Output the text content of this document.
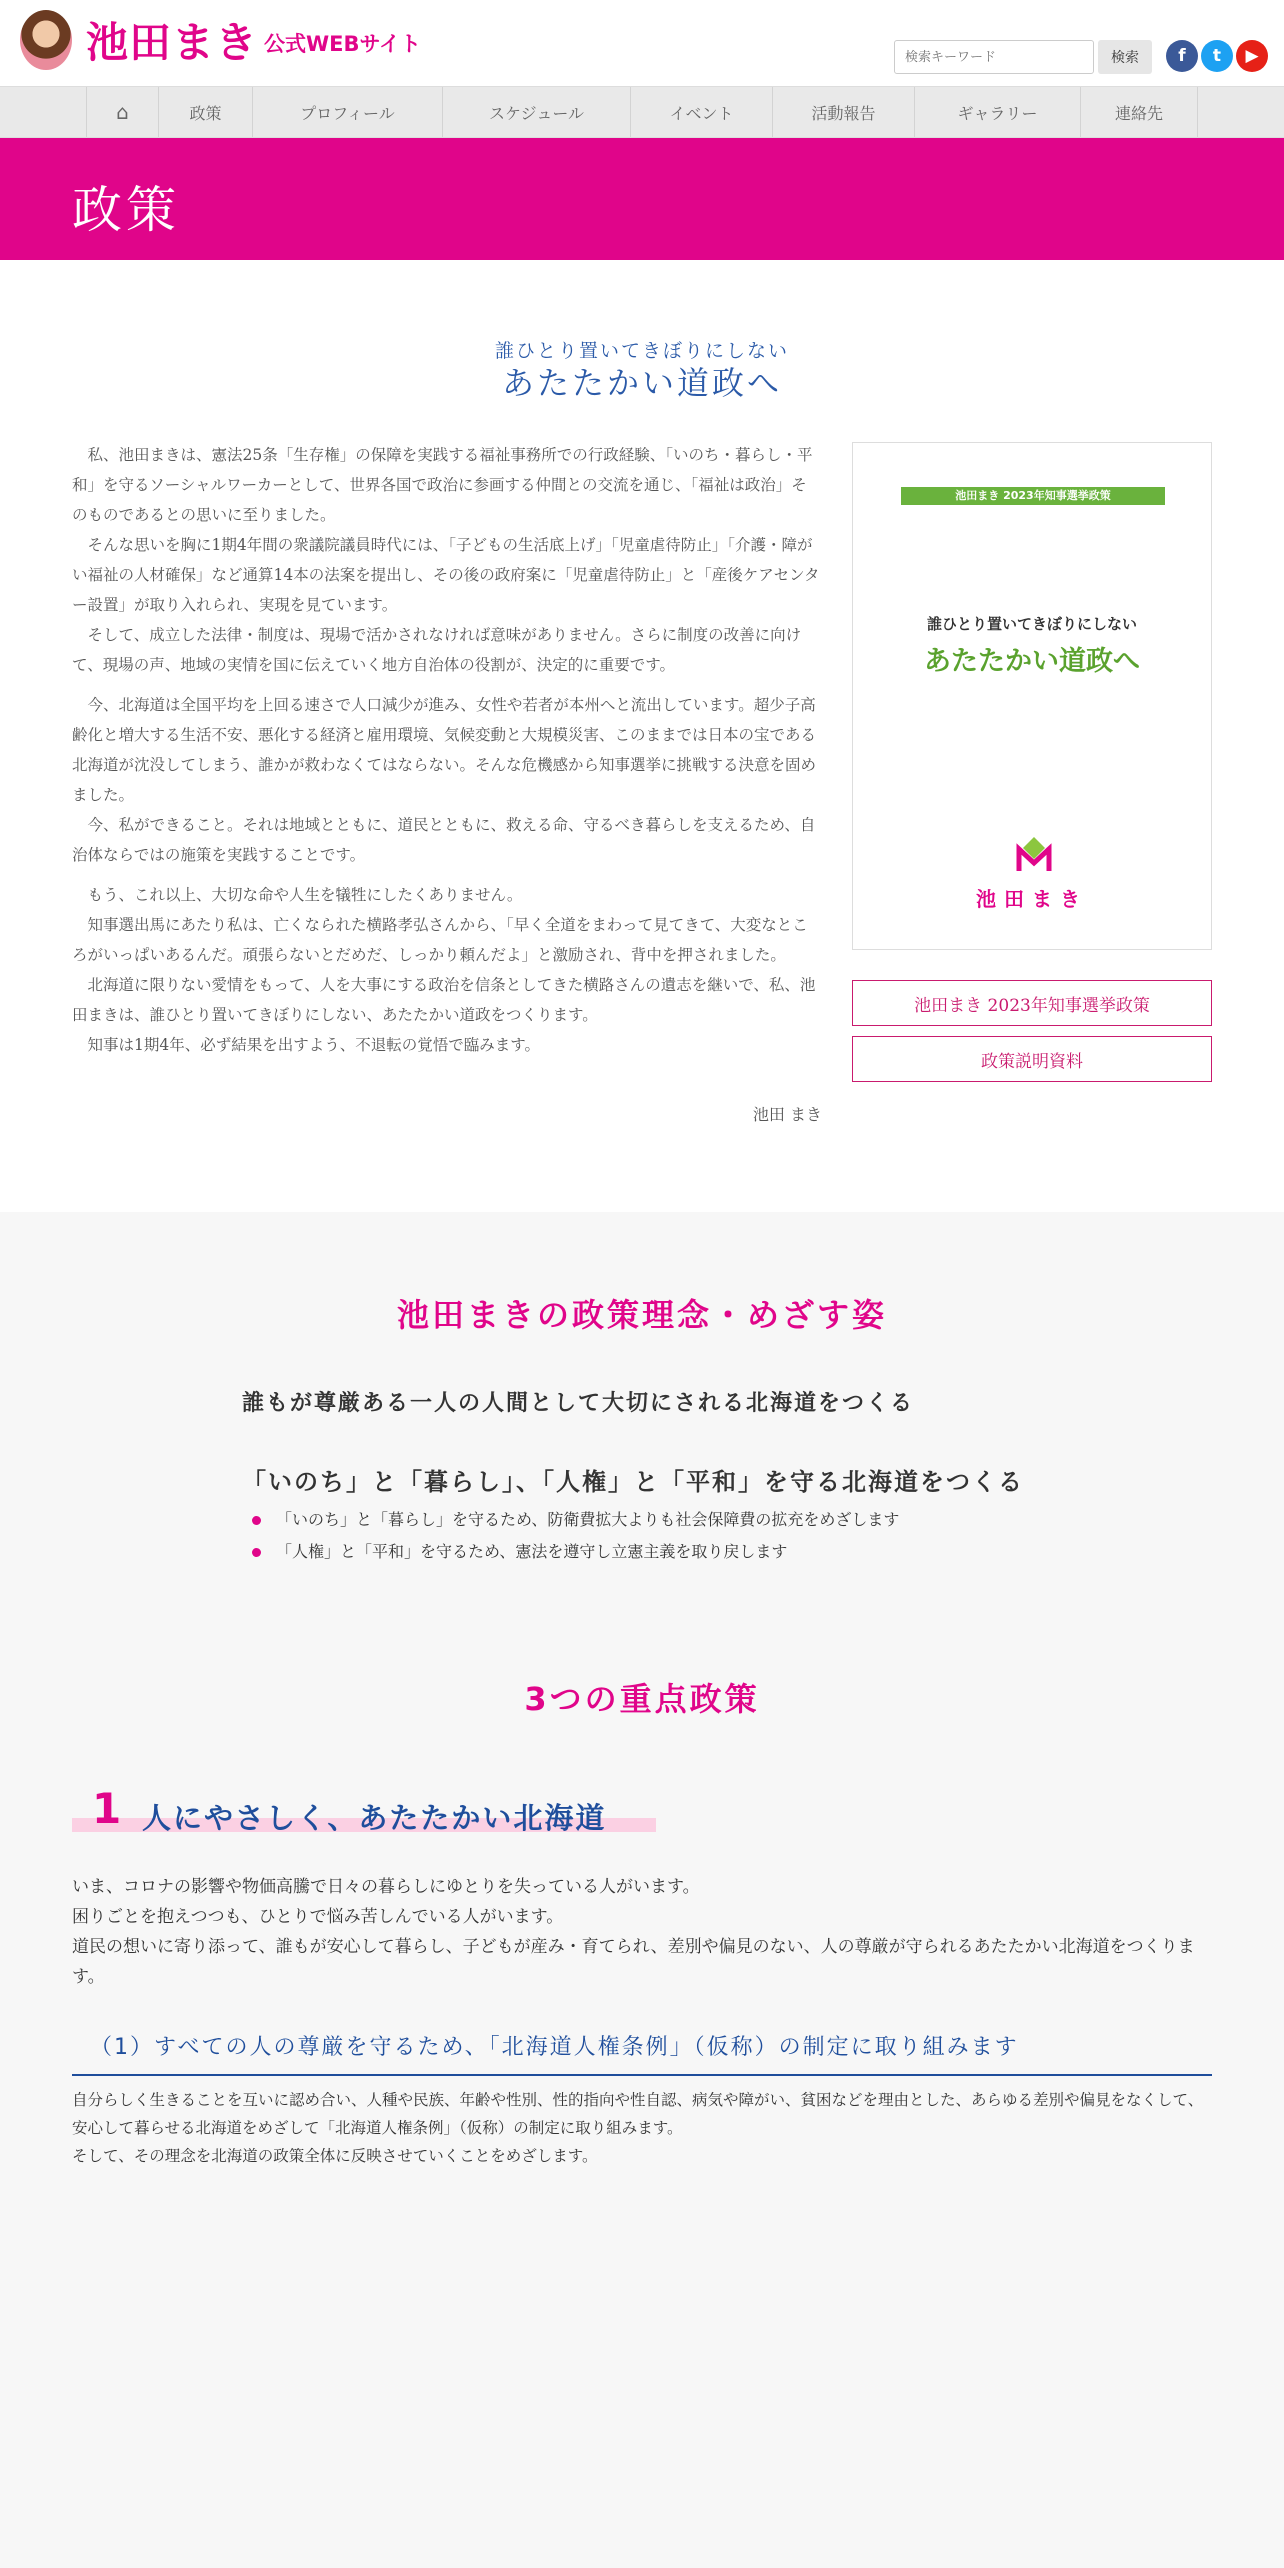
池田まき 公式WEBサイト
検索キーワード
検索	f	t	▶
⌂	政策	プロフィール	スケジュール	イベント	活動報告	ギャラリー	連絡先
政策
誰ひとり置いてきぼりにしない
あたたかい道政へ

私、池田まきは、憲法25条「生存権」の保障を実践する福祉事務所での行政経験、「いのち・暮らし・平和」を守るソーシャルワーカーとして、世界各国で政治に参画する仲間との交流を通じ、「福祉は政治」そのものであるとの思いに至りました。

そんな思いを胸に1期4年間の衆議院議員時代には、「子どもの生活底上げ」「児童虐待防止」「介護・障がい福祉の人材確保」など通算14本の法案を提出し、その後の政府案に「児童虐待防止」と「産後ケアセンター設置」が取り入れられ、実現を見ています。

そして、成立した法律・制度は、現場で活かされなければ意味がありません。さらに制度の改善に向けて、現場の声、地域の実情を国に伝えていく地方自治体の役割が、決定的に重要です。

今、北海道は全国平均を上回る速さで人口減少が進み、女性や若者が本州へと流出しています。超少子高齢化と増大する生活不安、悪化する経済と雇用環境、気候変動と大規模災害、このままでは日本の宝である北海道が沈没してしまう、誰かが救わなくてはならない。そんな危機感から知事選挙に挑戦する決意を固めました。

今、私ができること。それは地域とともに、道民とともに、救える命、守るべき暮らしを支えるため、自治体ならではの施策を実践することです。

もう、これ以上、大切な命や人生を犠牲にしたくありません。

知事選出馬にあたり私は、亡くなられた横路孝弘さんから、「早く全道をまわって見てきて、大変なところがいっぱいあるんだ。頑張らないとだめだ、しっかり頼んだよ」と激励され、背中を押されました。

北海道に限りない愛情をもって、人を大事にする政治を信条としてきた横路さんの遺志を継いで、私、池田まきは、誰ひとり置いてきぼりにしない、あたたかい道政をつくります。

知事は1期4年、必ず結果を出すよう、不退転の覚悟で臨みます。

池田 まき
池田まき 2023年知事選挙政策
誰ひとり置いてきぼりにしない
あたたかい道政へ
池田まき
池田まき 2023年知事選挙政策
政策説明資料
池田まきの政策理念・めざす姿
誰もが尊厳ある一人の人間として大切にされる北海道をつくる
「いのち」と「暮らし」、「人権」と「平和」を守る北海道をつくる
「いのち」と「暮らし」を守るため、防衛費拡大よりも社会保障費の拡充をめざします
「人権」と「平和」を守るため、憲法を遵守し立憲主義を取り戻します
3つの重点政策
1 人にやさしく、あたたかい北海道

いま、コロナの影響や物価高騰で日々の暮らしにゆとりを失っている人がいます。

困りごとを抱えつつも、ひとりで悩み苦しんでいる人がいます。

道民の想いに寄り添って、誰もが安心して暮らし、子どもが産み・育てられ、差別や偏見のない、人の尊厳が守られるあたたかい北海道をつくります。

（1）すべての人の尊厳を守るため、「北海道人権条例」（仮称）の制定に取り組みます

自分らしく生きることを互いに認め合い、人種や民族、年齢や性別、性的指向や性自認、病気や障がい、貧困などを理由とした、あらゆる差別や偏見をなくして、安心して暮らせる北海道をめざして「北海道人権条例」（仮称）の制定に取り組みます。

そして、その理念を北海道の政策全体に反映させていくことをめざします。
